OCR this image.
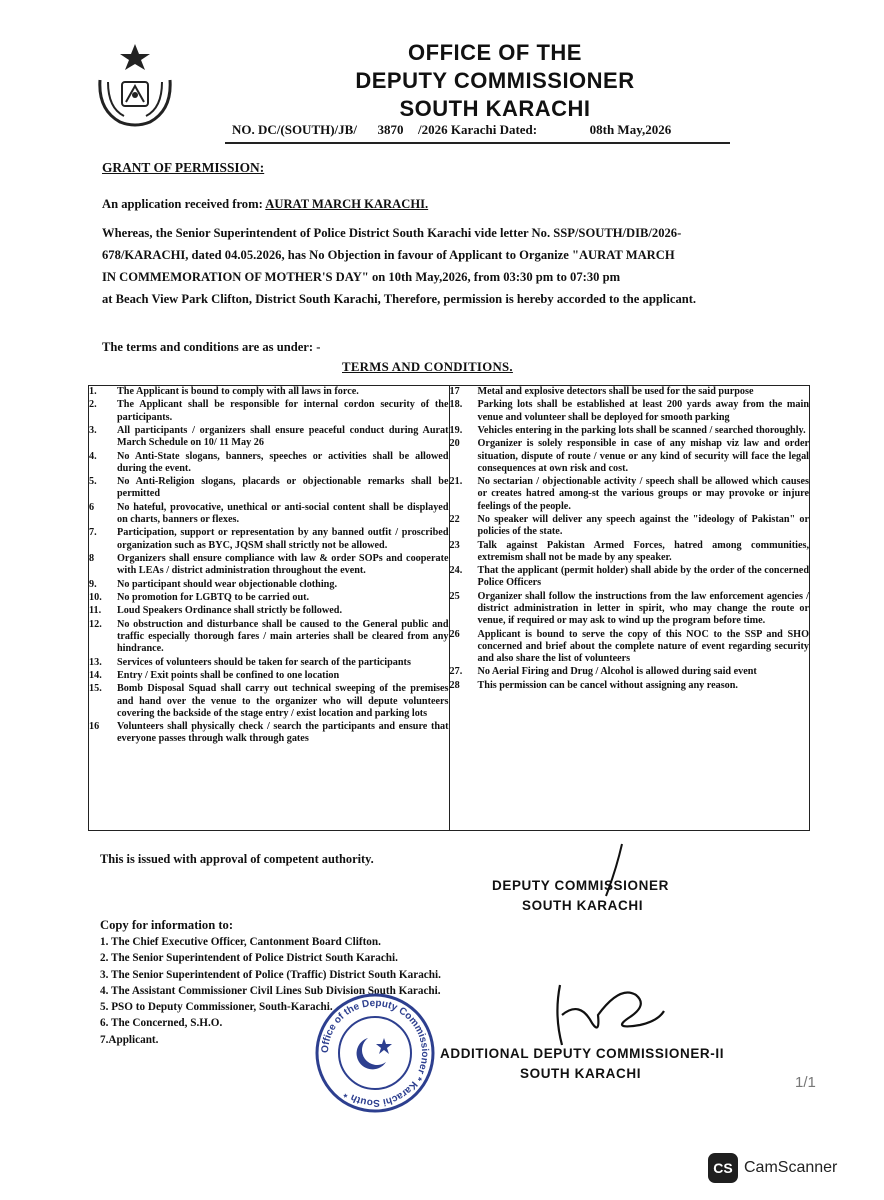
OFFICE OF THE
DEPUTY COMMISSIONER
SOUTH KARACHI
NO. DC/(SOUTH)/JB/ 3870 /2026 Karachi Dated:	08th May,2026
GRANT OF PERMISSION:
An application received from: AURAT MARCH KARACHI.
Whereas, the Senior Superintendent of Police District South Karachi vide letter No. SSP/SOUTH/DIB/2026-
678/KARACHI, dated 04.05.2026, has No Objection in favour of Applicant to Organize "AURAT MARCH
IN COMMEMORATION OF MOTHER'S DAY" on 10th May,2026, from 03:30 pm to 07:30 pm
at Beach View Park Clifton, District South Karachi, Therefore, permission is hereby accorded to the applicant.
The terms and conditions are as under: -
TERMS AND CONDITIONS.
1.	The Applicant is bound to comply with all laws in force.
2.	The Applicant shall be responsible for internal cordon security of the participants.
3.	All participants / organizers shall ensure peaceful conduct during Aurat March Schedule on 10/ 11 May 26
4.	No Anti-State slogans, banners, speeches or activities shall be allowed during the event.
5.	No Anti-Religion slogans, placards or objectionable remarks shall be permitted
6	No hateful, provocative, unethical or anti-social content shall be displayed on charts, banners or flexes.
7.	Participation, support or representation by any banned outfit / proscribed organization such as BYC, JQSM shall strictly not be allowed.
8	Organizers shall ensure compliance with law & order SOPs and cooperate with LEAs / district administration throughout the event.
9.	No participant should wear objectionable clothing.
10.	No promotion for LGBTQ to be carried out.
11.	Loud Speakers Ordinance shall strictly be followed.
12.	No obstruction and disturbance shall be caused to the General public and traffic especially thorough fares / main arteries shall be cleared from any hindrance.
13.	Services of volunteers should be taken for search of the participants
14.	Entry / Exit points shall be confined to one location
15.	Bomb Disposal Squad shall carry out technical sweeping of the premises and hand over the venue to the organizer who will depute volunteers covering the backside of the stage entry / exist location and parking lots
16	Volunteers shall physically check / search the participants and ensure that everyone passes through walk through gates

17	Metal and explosive detectors shall be used for the said purpose
18.	Parking lots shall be established at least 200 yards away from the main venue and volunteer shall be deployed for smooth parking
19.	Vehicles entering in the parking lots shall be scanned / searched thoroughly.
20	Organizer is solely responsible in case of any mishap viz law and order situation, dispute of route / venue or any kind of security will face the legal consequences at own risk and cost.
21.	No sectarian / objectionable activity / speech shall be allowed which causes or creates hatred among-st the various groups or may provoke or injure feelings of the people.
22	No speaker will deliver any speech against the "ideology of Pakistan" or policies of the state.
23	Talk against Pakistan Armed Forces, hatred among communities, extremism shall not be made by any speaker.
24.	That the applicant (permit holder) shall abide by the order of the concerned Police Officers
25	Organizer shall follow the instructions from the law enforcement agencies / district administration in letter in spirit, who may change the route or venue, if required or may ask to wind up the program before time.
26	Applicant is bound to serve the copy of this NOC to the SSP and SHO concerned and brief about the complete nature of event regarding security and also share the list of volunteers
27.	No Aerial Firing and Drug / Alcohol is allowed during said event
28	This permission can be cancel without assigning any reason.
This is issued with approval of competent authority.
DEPUTY COMMISSIONER
SOUTH KARACHI
Copy for information to:
1. The Chief Executive Officer, Cantonment Board Clifton.
2. The Senior Superintendent of Police District South Karachi.
3. The Senior Superintendent of Police (Traffic) District South Karachi.
4. The Assistant Commissioner Civil Lines Sub Division South Karachi.
5. PSO to Deputy Commissioner, South-Karachi.
6. The Concerned, S.H.O.
7.Applicant.
Office of the Deputy Commissioner * Karachi South *
ADDITIONAL DEPUTY COMMISSIONER-II
SOUTH KARACHI
1/1
CS CamScanner
